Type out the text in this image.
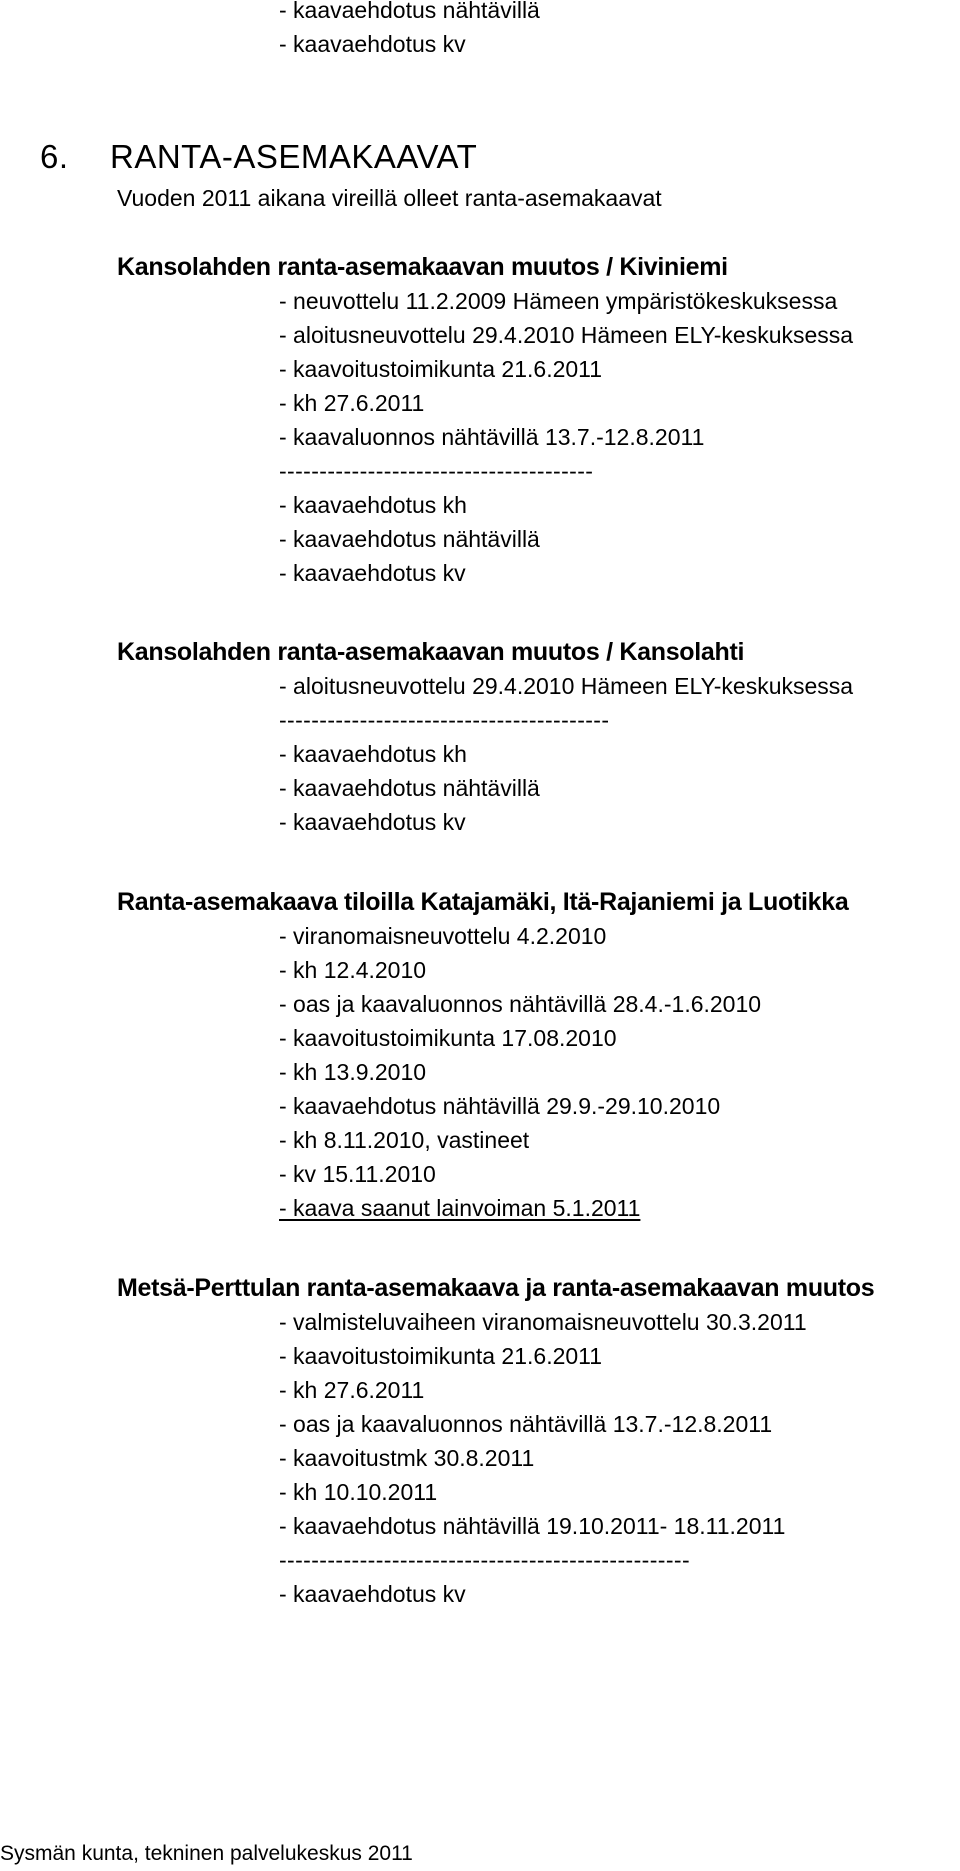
- kaavaehdotus nähtävillä
- kaavaehdotus kv
6. RANTA-ASEMAKAAVAT
Vuoden 2011 aikana vireillä olleet ranta-asemakaavat
Kansolahden ranta-asemakaavan muutos / Kiviniemi
- neuvottelu 11.2.2009 Hämeen ympäristökeskuksessa
- aloitusneuvottelu 29.4.2010 Hämeen ELY-keskuksessa
- kaavoitustoimikunta 21.6.2011
- kh 27.6.2011
- kaavaluonnos nähtävillä 13.7.-12.8.2011
---------------------------------------
- kaavaehdotus kh
- kaavaehdotus nähtävillä
- kaavaehdotus kv
Kansolahden ranta-asemakaavan muutos / Kansolahti
- aloitusneuvottelu 29.4.2010 Hämeen ELY-keskuksessa
-----------------------------------------
- kaavaehdotus kh
- kaavaehdotus nähtävillä
- kaavaehdotus kv
Ranta-asemakaava tiloilla Katajamäki, Itä-Rajaniemi ja Luotikka
- viranomaisneuvottelu 4.2.2010
- kh 12.4.2010
- oas ja kaavaluonnos nähtävillä 28.4.-1.6.2010
- kaavoitustoimikunta 17.08.2010
- kh 13.9.2010
- kaavaehdotus nähtävillä 29.9.-29.10.2010
- kh 8.11.2010, vastineet
- kv 15.11.2010
- kaava saanut lainvoiman 5.1.2011
Metsä-Perttulan ranta-asemakaava ja ranta-asemakaavan muutos
- valmisteluvaiheen viranomaisneuvottelu 30.3.2011
- kaavoitustoimikunta 21.6.2011
- kh 27.6.2011
- oas ja kaavaluonnos nähtävillä 13.7.-12.8.2011
- kaavoitustmk 30.8.2011
- kh 10.10.2011
- kaavaehdotus nähtävillä 19.10.2011- 18.11.2011
---------------------------------------------------
- kaavaehdotus kv
Sysmän kunta, tekninen palvelukeskus 2011
